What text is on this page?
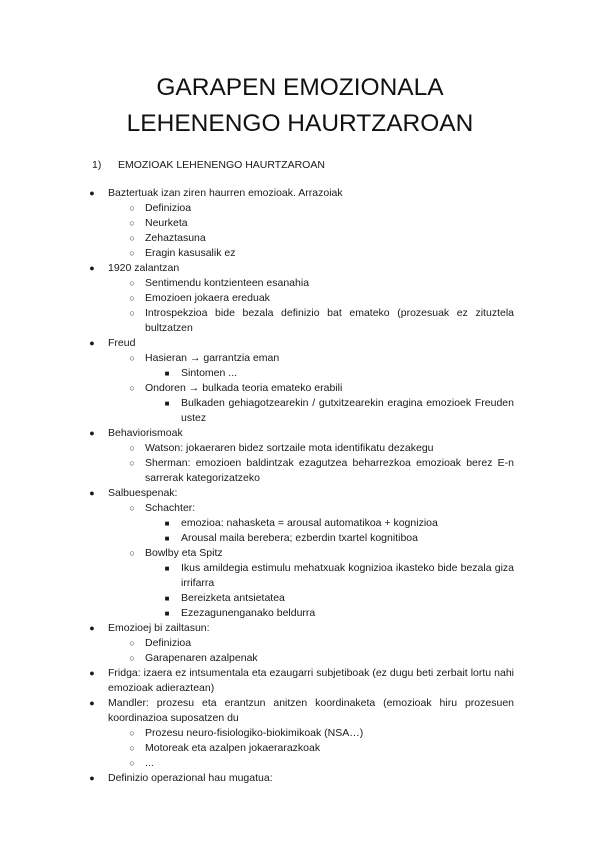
GARAPEN EMOZIONALA
LEHENENGO HAURTZAROAN
1) EMOZIOAK LEHENENGO HAURTZAROAN
●	Baztertuak izan ziren haurren emozioak. Arrazoiak
○ Definizioa
○ Neurketa
○ Zehaztasuna
○ Eragin kasusalik ez
●	1920 zalantzan
○ Sentimendu kontzienteen esanahia
○ Emozioen jokaera ereduak
○ Introspekzioa bide bezala definizio bat emateko (prozesuak ez zituztela bultzatzen
●	Freud
○ Hasieran → garrantzia eman
■	Sintomen ...
○ Ondoren → bulkada teoria emateko erabili
■	Bulkaden gehiagotzearekin / gutxitzearekin eragina emozioek Freuden ustez
●	Behaviorismoak
○ Watson: jokaeraren bidez sortzaile mota identifikatu dezakegu
○ Sherman: emozioen baldintzak ezagutzea beharrezkoa emozioak berez E-n sarrerak kategorizatzeko
●	Salbuespenak:
○ Schachter:
■	emozioa: nahasketa = arousal automatikoa + kognizioa
■	Arousal maila berebera; ezberdin txartel kognitiboa
○ Bowlby eta Spitz
■	Ikus amildegia estimulu mehatxuak kognizioa ikasteko bide bezala giza irrifarra
■	Bereizketa antsietatea
■	Ezezagunenganako beldurra
●	Emozioej bi zailtasun:
○ Definizioa
○ Garapenaren azalpenak
●	Fridga: izaera ez intsumentala eta ezaugarri subjetiboak (ez dugu beti zerbait lortu nahi emozioak adieraztean)
●	Mandler: prozesu eta erantzun anitzen koordinaketa (emozioak hiru prozesuen koordinazioa suposatzen du
○ Prozesu neuro-fisiologiko-biokimikoak (NSA…)
○ Motoreak eta azalpen jokaerarazkoak
○ ...
●	Definizio operazional hau mugatua:
